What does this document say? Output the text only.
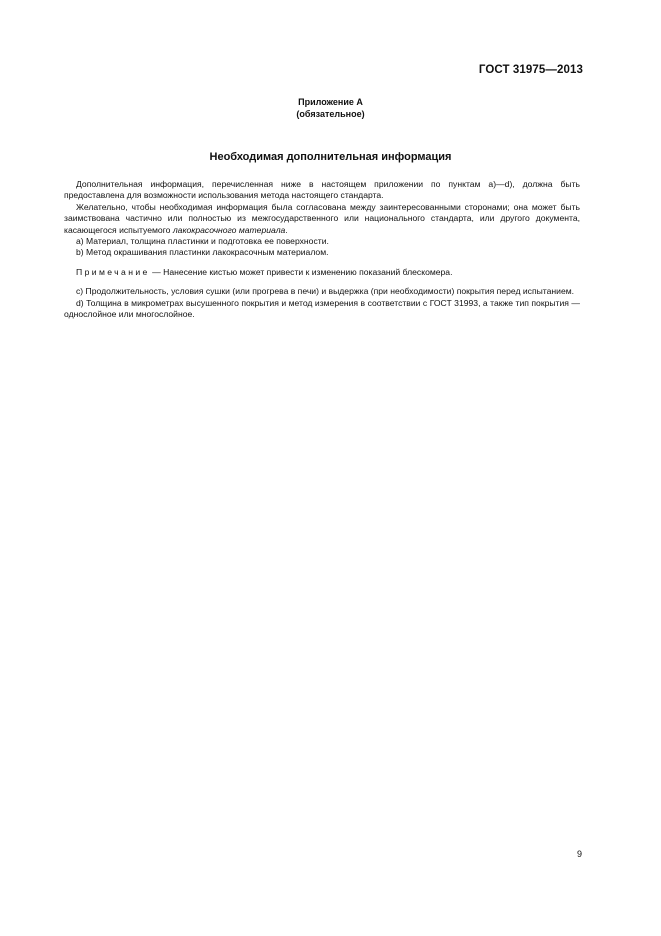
ГОСТ 31975—2013
Приложение А
(обязательное)
Необходимая дополнительная информация

Дополнительная информация, перечисленная ниже в настоящем приложении по пунктам а)—d), должна быть предоставлена для возможности использования метода настоящего стандарта.

Желательно, чтобы необходимая информация была согласована между заинтересованными сторонами; она может быть заимствована частично или полностью из межгосударственного или национального стандарта, или другого документа, касающегося испытуемого лакокрасочного материала.

а) Материал, толщина пластинки и подготовка ее поверхности.

b) Метод окрашивания пластинки лакокрасочным материалом.

Примечание — Нанесение кистью может привести к изменению показаний блескомера.

с) Продолжительность, условия сушки (или прогрева в печи) и выдержка (при необходимости) покрытия перед испытанием.

d) Толщина в микрометрах высушенного покрытия и метод измерения в соответствии с ГОСТ 31993, а также тип покрытия — однослойное или многослойное.

9
